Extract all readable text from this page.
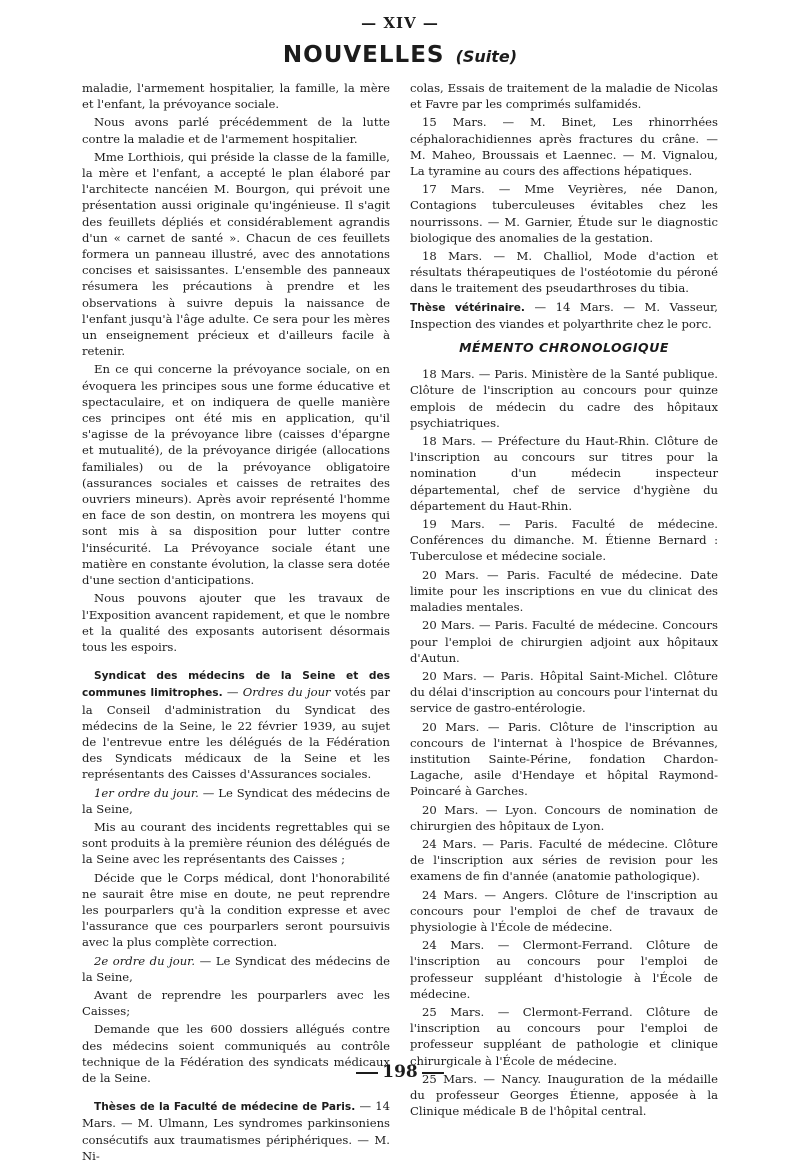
— XIV —
NOUVELLES (Suite)

maladie, l'armement hospitalier, la famille, la mère et l'enfant, la prévoyance sociale.

Nous avons parlé précédemment de la lutte contre la maladie et de l'armement hospitalier.

Mme Lorthiois, qui préside la classe de la famille, la mère et l'enfant, a accepté le plan élaboré par l'architecte nancéien M. Bourgon, qui prévoit une présentation aussi originale qu'ingénieuse. Il s'agit des feuillets dépliés et considérablement agrandis d'un « carnet de santé ». Chacun de ces feuillets formera un panneau illustré, avec des annotations concises et saisissantes. L'ensemble des panneaux résumera les précautions à prendre et les observations à suivre depuis la naissance de l'enfant jusqu'à l'âge adulte. Ce sera pour les mères un enseignement précieux et d'ailleurs facile à retenir.

En ce qui concerne la prévoyance sociale, on en évoquera les principes sous une forme éducative et spectaculaire, et on indiquera de quelle manière ces principes ont été mis en application, qu'il s'agisse de la prévoyance libre (caisses d'épargne et mutualité), de la prévoyance dirigée (allocations familiales) ou de la prévoyance obligatoire (assurances sociales et caisses de retraites des ouvriers mineurs). Après avoir représenté l'homme en face de son destin, on montrera les moyens qui sont mis à sa disposition pour lutter contre l'insécurité. La Prévoyance sociale étant une matière en constante évolution, la classe sera dotée d'une section d'anticipations.

Nous pouvons ajouter que les travaux de l'Exposition avancent rapidement, et que le nombre et la qualité des exposants autorisent désormais tous les espoirs.

Syndicat des médecins de la Seine et des communes limitrophes. — Ordres du jour votés par la Conseil d'administration du Syndicat des médecins de la Seine, le 22 février 1939, au sujet de l'entrevue entre les délégués de la Fédération des Syndicats médicaux de la Seine et les représentants des Caisses d'Assurances sociales.

1er ordre du jour. — Le Syndicat des médecins de la Seine,

Mis au courant des incidents regrettables qui se sont produits à la première réunion des délégués de la Seine avec les représentants des Caisses ;

Décide que le Corps médical, dont l'honorabilité ne saurait être mise en doute, ne peut reprendre les pourparlers qu'à la condition expresse et avec l'assurance que ces pourparlers seront poursuivis avec la plus complète correction.

2e ordre du jour. — Le Syndicat des médecins de la Seine,

Avant de reprendre les pourparlers avec les Caisses;

Demande que les 600 dossiers allégués contre des médecins soient communiqués au contrôle technique de la Fédération des syndicats médicaux de la Seine.

Thèses de la Faculté de médecine de Paris. — 14 Mars. — M. Ulmann, Les syndromes parkinsoniens consécutifs aux traumatismes périphériques. — M. Ni-

colas, Essais de traitement de la maladie de Nicolas et Favre par les comprimés sulfamidés.

15 Mars. — M. Binet, Les rhinorrhées céphalorachidiennes après fractures du crâne. — M. Maheo, Broussais et Laennec. — M. Vignalou, La tyramine au cours des affections hépatiques.

17 Mars. — Mme Veyrières, née Danon, Contagions tuberculeuses évitables chez les nourrissons. — M. Garnier, Étude sur le diagnostic biologique des anomalies de la gestation.

18 Mars. — M. Challiol, Mode d'action et résultats thérapeutiques de l'ostéotomie du péroné dans le traitement des pseudarthroses du tibia.

Thèse vétérinaire. — 14 Mars. — M. Vasseur, Inspection des viandes et polyarthrite chez le porc.

MÉMENTO CHRONOLOGIQUE

18 Mars. — Paris. Ministère de la Santé publique. Clôture de l'inscription au concours pour quinze emplois de médecin du cadre des hôpitaux psychiatriques.

18 Mars. — Préfecture du Haut-Rhin. Clôture de l'inscription au concours sur titres pour la nomination d'un médecin inspecteur départemental, chef de service d'hygiène du département du Haut-Rhin.

19 Mars. — Paris. Faculté de médecine. Conférences du dimanche. M. Étienne Bernard : Tuberculose et médecine sociale.

20 Mars. — Paris. Faculté de médecine. Date limite pour les inscriptions en vue du clinicat des maladies mentales.

20 Mars. — Paris. Faculté de médecine. Concours pour l'emploi de chirurgien adjoint aux hôpitaux d'Autun.

20 Mars. — Paris. Hôpital Saint-Michel. Clôture du délai d'inscription au concours pour l'internat du service de gastro-entérologie.

20 Mars. — Paris. Clôture de l'inscription au concours de l'internat à l'hospice de Brévannes, institution Sainte-Périne, fondation Chardon-Lagache, asile d'Hendaye et hôpital Raymond-Poincaré à Garches.

20 Mars. — Lyon. Concours de nomination de chirurgien des hôpitaux de Lyon.

24 Mars. — Paris. Faculté de médecine. Clôture de l'inscription aux séries de revision pour les examens de fin d'année (anatomie pathologique).

24 Mars. — Angers. Clôture de l'inscription au concours pour l'emploi de chef de travaux de physiologie à l'École de médecine.

24 Mars. — Clermont-Ferrand. Clôture de l'inscription au concours pour l'emploi de professeur suppléant d'histologie à l'École de médecine.

25 Mars. — Clermont-Ferrand. Clôture de l'inscription au concours pour l'emploi de professeur suppléant de pathologie et clinique chirurgicale à l'École de médecine.

25 Mars. — Nancy. Inauguration de la médaille du professeur Georges Étienne, apposée à la Clinique médicale B de l'hôpital central.

198
